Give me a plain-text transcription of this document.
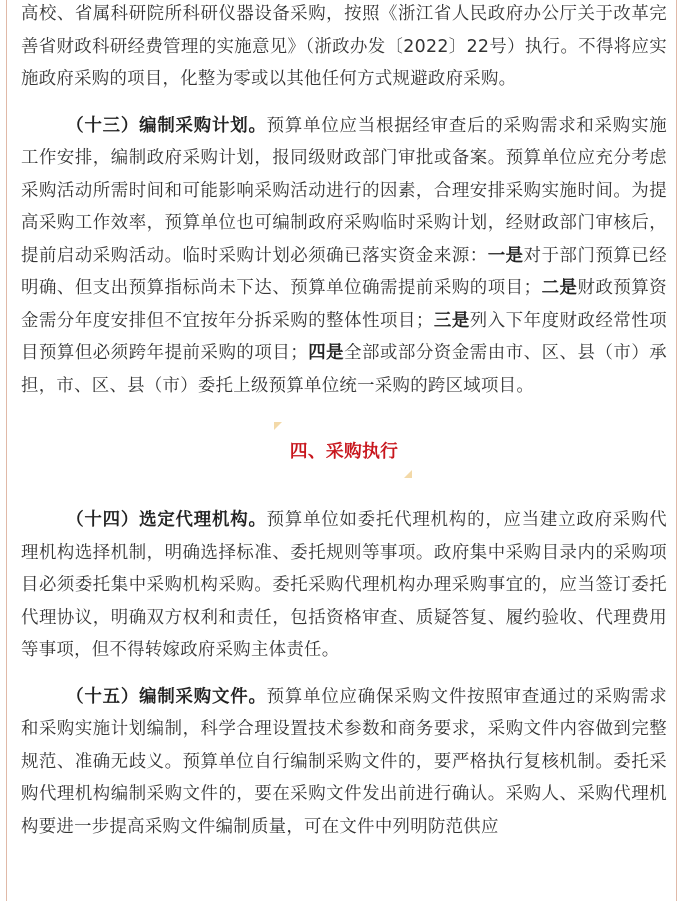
高校、省属科研院所科研仪器设备采购，按照《浙江省人民政府办公厅关于改革完善省财政科研经费管理的实施意见》（浙政办发〔2022〕22号）执行。不得将应实施政府采购的项目，化整为零或以其他任何方式规避政府采购。

（十三）编制采购计划。预算单位应当根据经审查后的采购需求和采购实施工作安排，编制政府采购计划，报同级财政部门审批或备案。预算单位应充分考虑采购活动所需时间和可能影响采购活动进行的因素，合理安排采购实施时间。为提高采购工作效率，预算单位也可编制政府采购临时采购计划，经财政部门审核后，提前启动采购活动。临时采购计划必须确已落实资金来源：一是对于部门预算已经明确、但支出预算指标尚未下达、预算单位确需提前采购的项目；二是财政预算资金需分年度安排但不宜按年分拆采购的整体性项目；三是列入下年度财政经常性项目预算但必须跨年提前采购的项目；四是全部或部分资金需由市、区、县（市）承担，市、区、县（市）委托上级预算单位统一采购的跨区域项目。

四、采购执行

（十四）选定代理机构。预算单位如委托代理机构的，应当建立政府采购代理机构选择机制，明确选择标准、委托规则等事项。政府集中采购目录内的采购项目必须委托集中采购机构采购。委托采购代理机构办理采购事宜的，应当签订委托代理协议，明确双方权利和责任，包括资格审查、质疑答复、履约验收、代理费用等事项，但不得转嫁政府采购主体责任。

（十五）编制采购文件。预算单位应确保采购文件按照审查通过的采购需求和采购实施计划编制，科学合理设置技术参数和商务要求，采购文件内容做到完整规范、准确无歧义。预算单位自行编制采购文件的，要严格执行复核机制。委托采购代理机构编制采购文件的，要在采购文件发出前进行确认。采购人、采购代理机构要进一步提高采购文件编制质量，可在文件中列明防范供应
